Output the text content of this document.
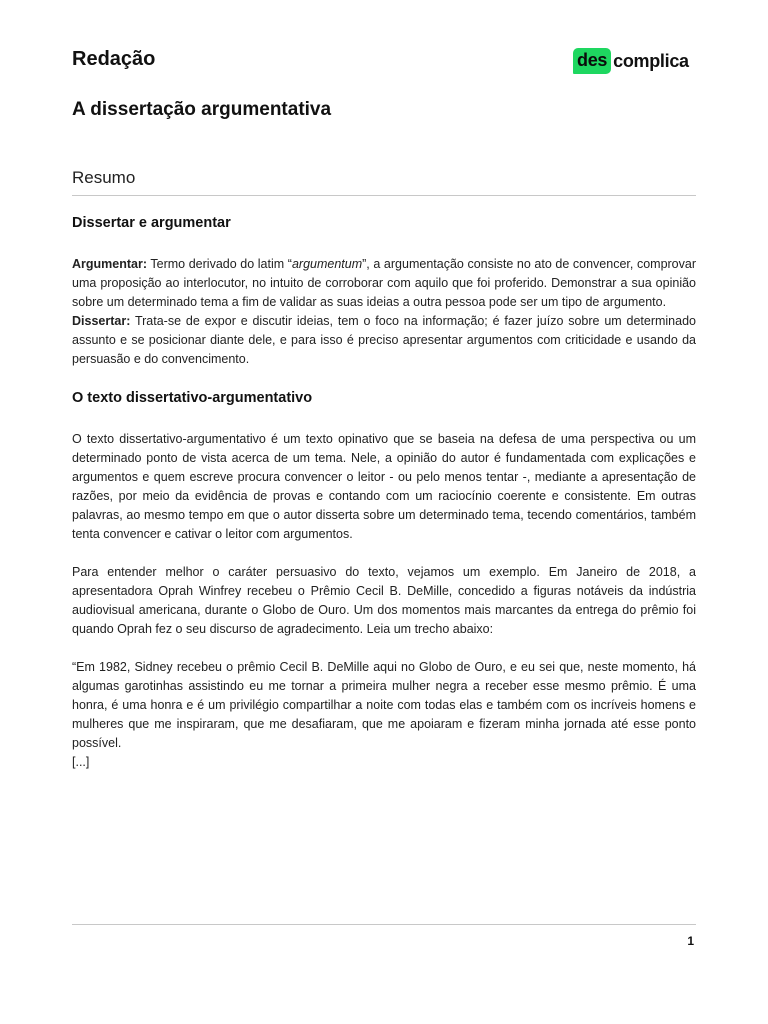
Redação	des complica
A dissertação argumentativa
Resumo
Dissertar e argumentar

Argumentar: Termo derivado do latim “argumentum”, a argumentação consiste no ato de convencer, comprovar uma proposição ao interlocutor, no intuito de corroborar com aquilo que foi proferido. Demonstrar a sua opinião sobre um determinado tema a fim de validar as suas ideias a outra pessoa pode ser um tipo de argumento.

Dissertar: Trata-se de expor e discutir ideias, tem o foco na informação; é fazer juízo sobre um determinado assunto e se posicionar diante dele, e para isso é preciso apresentar argumentos com criticidade e usando da persuasão e do convencimento.

O texto dissertativo-argumentativo

O texto dissertativo-argumentativo é um texto opinativo que se baseia na defesa de uma perspectiva ou um determinado ponto de vista acerca de um tema. Nele, a opinião do autor é fundamentada com explicações e argumentos e quem escreve procura convencer o leitor - ou pelo menos tentar -, mediante a apresentação de razões, por meio da evidência de provas e contando com um raciocínio coerente e consistente. Em outras palavras, ao mesmo tempo em que o autor disserta sobre um determinado tema, tecendo comentários, também tenta convencer e cativar o leitor com argumentos.

Para entender melhor o caráter persuasivo do texto, vejamos um exemplo. Em Janeiro de 2018, a apresentadora Oprah Winfrey recebeu o Prêmio Cecil B. DeMille, concedido a figuras notáveis da indústria audiovisual americana, durante o Globo de Ouro. Um dos momentos mais marcantes da entrega do prêmio foi quando Oprah fez o seu discurso de agradecimento. Leia um trecho abaixo:

“Em 1982, Sidney recebeu o prêmio Cecil B. DeMille aqui no Globo de Ouro, e eu sei que, neste momento, há algumas garotinhas assistindo eu me tornar a primeira mulher negra a receber esse mesmo prêmio. É uma honra, é uma honra e é um privilégio compartilhar a noite com todas elas e também com os incríveis homens e mulheres que me inspiraram, que me desafiaram, que me apoiaram e fizeram minha jornada até esse ponto possível.

[...]

1
